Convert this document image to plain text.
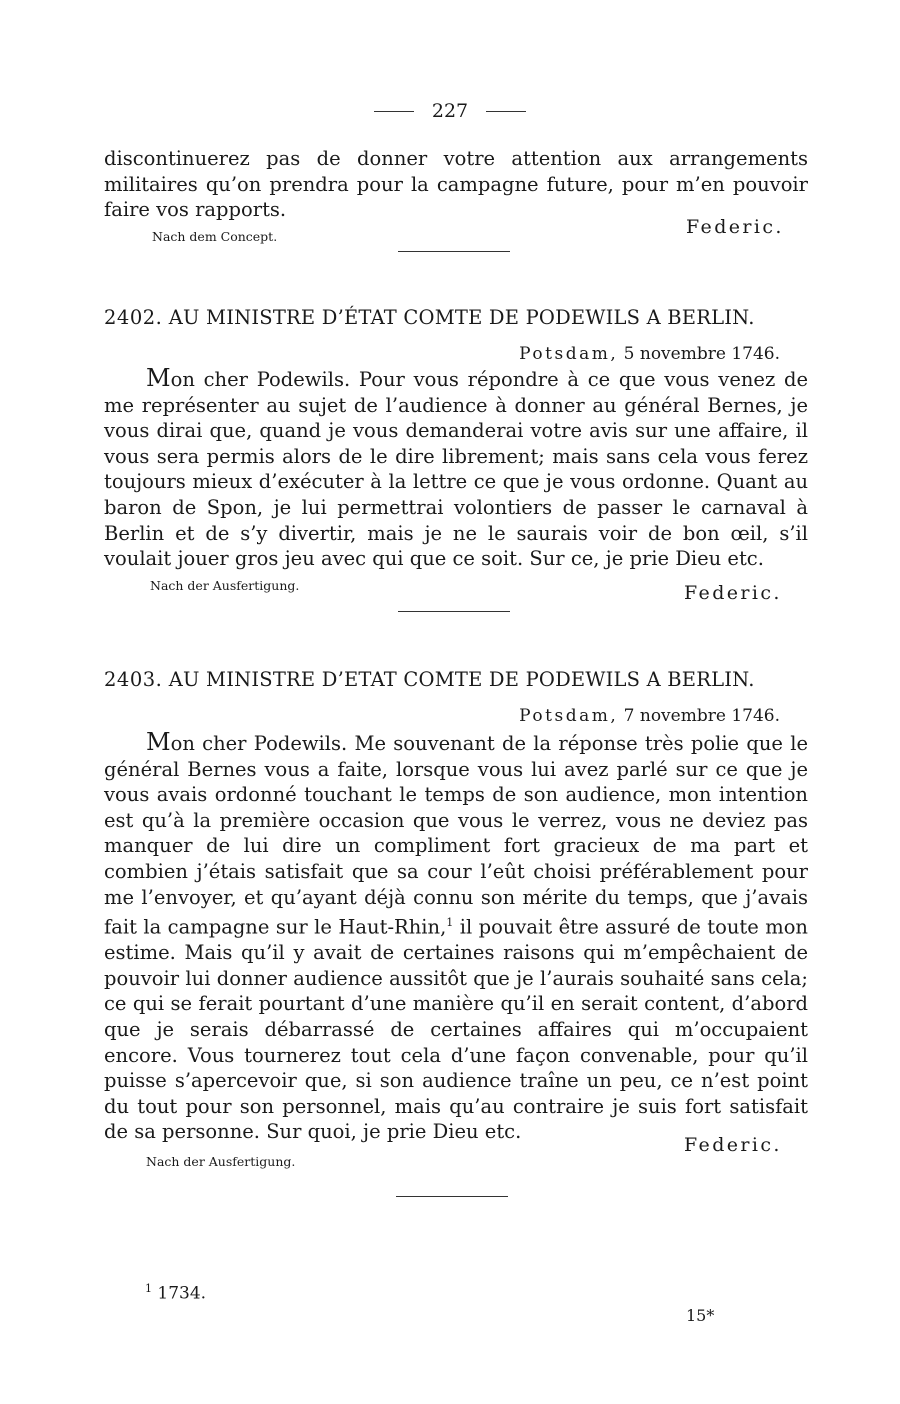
227

discontinuerez pas de donner votre attention aux arrangements militaires qu’on prendra pour la campagne future, pour m’en pouvoir faire vos rapports.

Nach dem Concept.	Federic.
2402. AU MINISTRE D’ÉTAT COMTE DE PODEWILS A BERLIN.
Potsdam, 5 novembre 1746.

Mon cher Podewils. Pour vous répondre à ce que vous venez de me représenter au sujet de l’audience à donner au général Bernes, je vous dirai que, quand je vous demanderai votre avis sur une affaire, il vous sera permis alors de le dire librement; mais sans cela vous ferez toujours mieux d’exécuter à la lettre ce que je vous ordonne. Quant au baron de Spon, je lui permettrai volontiers de passer le carnaval à Berlin et de s’y divertir, mais je ne le saurais voir de bon œil, s’il voulait jouer gros jeu avec qui que ce soit. Sur ce, je prie Dieu etc.

Nach der Ausfertigung.	Federic.
2403. AU MINISTRE D’ETAT COMTE DE PODEWILS A BERLIN.
Potsdam, 7 novembre 1746.

Mon cher Podewils. Me souvenant de la réponse très polie que le général Bernes vous a faite, lorsque vous lui avez parlé sur ce que je vous avais ordonné touchant le temps de son audience, mon intention est qu’à la première occasion que vous le verrez, vous ne deviez pas manquer de lui dire un compliment fort gracieux de ma part et combien j’étais satisfait que sa cour l’eût choisi préférablement pour me l’envoyer, et qu’ayant déjà connu son mérite du temps, que j’avais fait la campagne sur le Haut-Rhin,$^1$ il pouvait être assuré de toute mon estime. Mais qu’il y avait de certaines raisons qui m’empêchaient de pouvoir lui donner audience aussitôt que je l’aurais souhaité sans cela; ce qui se ferait pourtant d’une manière qu’il en serait content, d’abord que je serais débarrassé de certaines affaires qui m’occupaient encore. Vous tournerez tout cela d’une façon convenable, pour qu’il puisse s’apercevoir que, si son audience traîne un peu, ce n’est point du tout pour son personnel, mais qu’au contraire je suis fort satisfait de sa personne. Sur quoi, je prie Dieu etc.

Nach der Ausfertigung.
Federic.
$^1$ 1734.
15*
